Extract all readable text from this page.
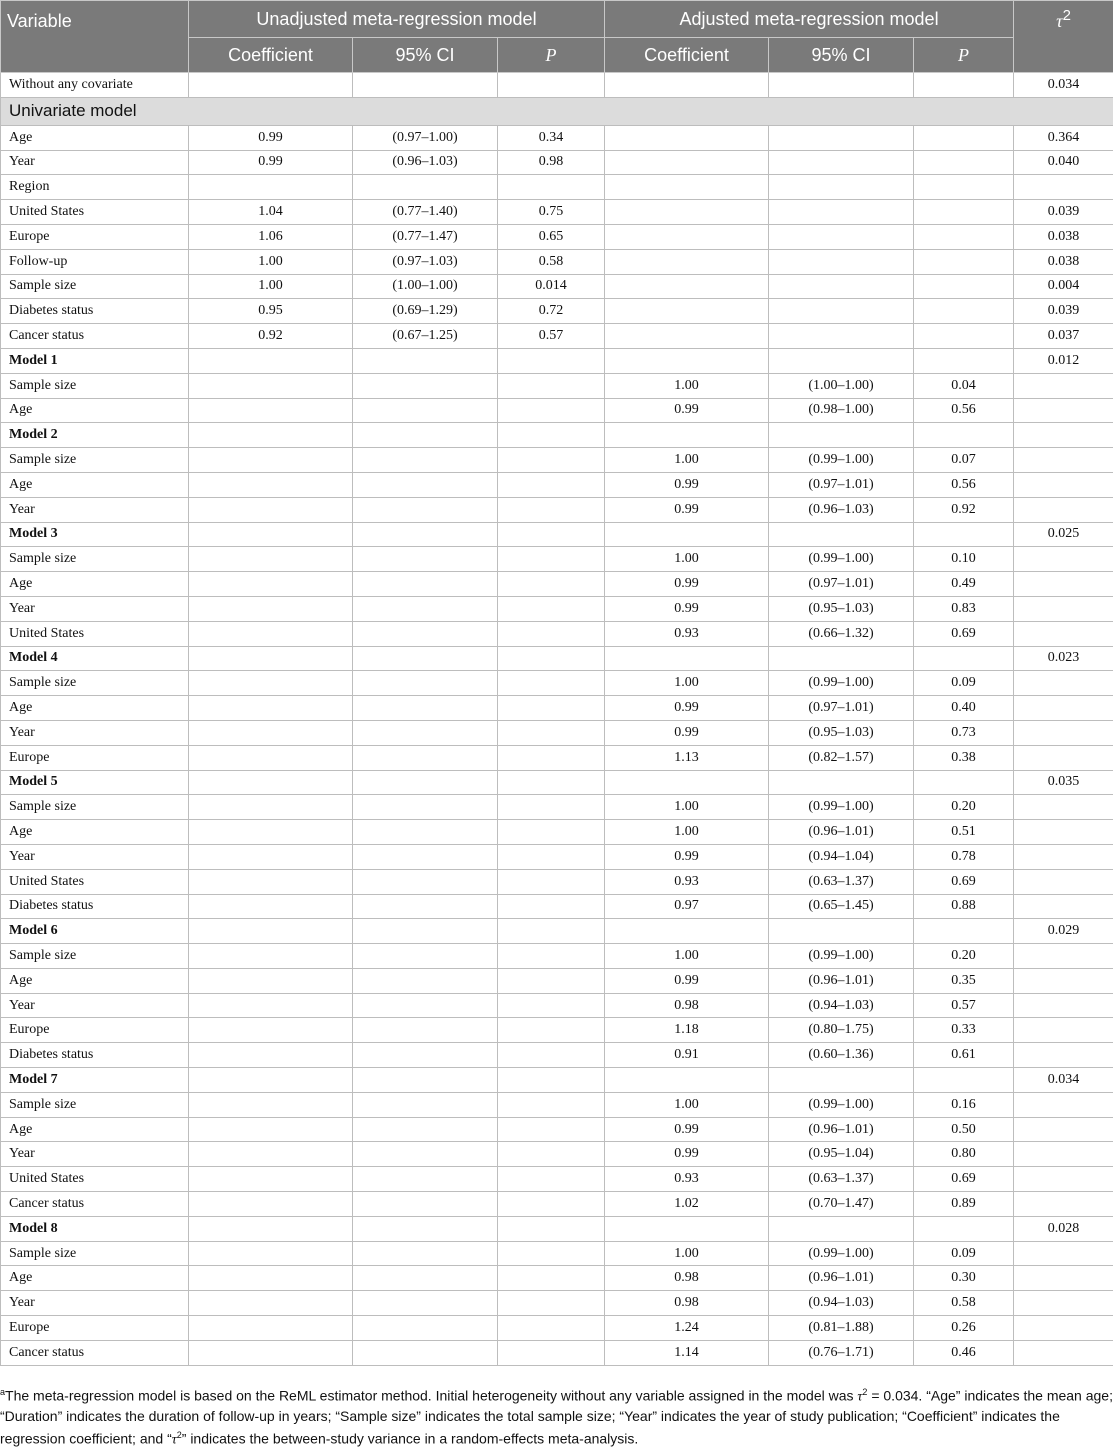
Variable	Unadjusted meta-regression model			Adjusted meta-regression model			$\tau^2$
	Coefficient	95% CI	P	Coefficient	95% CI	P	
Without any covariate							0.034
Univariate model							
Age	0.99	(0.97–1.00)	0.34				0.364
Year	0.99	(0.96–1.03)	0.98				0.040
Region							
United States	1.04	(0.77–1.40)	0.75				0.039
Europe	1.06	(0.77–1.47)	0.65				0.038
Follow-up	1.00	(0.97–1.03)	0.58				0.038
Sample size	1.00	(1.00–1.00)	0.014				0.004
Diabetes status	0.95	(0.69–1.29)	0.72				0.039
Cancer status	0.92	(0.67–1.25)	0.57				0.037
Model 1							0.012
Sample size				1.00	(1.00–1.00)	0.04	
Age				0.99	(0.98–1.00)	0.56	
Model 2							
Sample size				1.00	(0.99–1.00)	0.07	
Age				0.99	(0.97–1.01)	0.56	
Year				0.99	(0.96–1.03)	0.92	
Model 3							0.025
Sample size				1.00	(0.99–1.00)	0.10	
Age				0.99	(0.97–1.01)	0.49	
Year				0.99	(0.95–1.03)	0.83	
United States				0.93	(0.66–1.32)	0.69	
Model 4							0.023
Sample size				1.00	(0.99–1.00)	0.09	
Age				0.99	(0.97–1.01)	0.40	
Year				0.99	(0.95–1.03)	0.73	
Europe				1.13	(0.82–1.57)	0.38	
Model 5							0.035
Sample size				1.00	(0.99–1.00)	0.20	
Age				1.00	(0.96–1.01)	0.51	
Year				0.99	(0.94–1.04)	0.78	
United States				0.93	(0.63–1.37)	0.69	
Diabetes status				0.97	(0.65–1.45)	0.88	
Model 6							0.029
Sample size				1.00	(0.99–1.00)	0.20	
Age				0.99	(0.96–1.01)	0.35	
Year				0.98	(0.94–1.03)	0.57	
Europe				1.18	(0.80–1.75)	0.33	
Diabetes status				0.91	(0.60–1.36)	0.61	
Model 7							0.034
Sample size				1.00	(0.99–1.00)	0.16	
Age				0.99	(0.96–1.01)	0.50	
Year				0.99	(0.95–1.04)	0.80	
United States				0.93	(0.63–1.37)	0.69	
Cancer status				1.02	(0.70–1.47)	0.89	
Model 8							0.028
Sample size				1.00	(0.99–1.00)	0.09	
Age				0.98	(0.96–1.01)	0.30	
Year				0.98	(0.94–1.03)	0.58	
Europe				1.24	(0.81–1.88)	0.26	
Cancer status				1.14	(0.76–1.71)	0.46	
$^a$The meta-regression model is based on the ReML estimator method. Initial heterogeneity without any variable assigned in the model was $\tau^2 = 0.034$. “Age” indicates the mean age; “Duration” indicates the duration of follow-up in years; “Sample size” indicates the total sample size; “Year” indicates the year of study publication; “Coefficient” indicates the regression coefficient; and “$\tau^2$” indicates the between-study variance in a random-effects meta-analysis.
